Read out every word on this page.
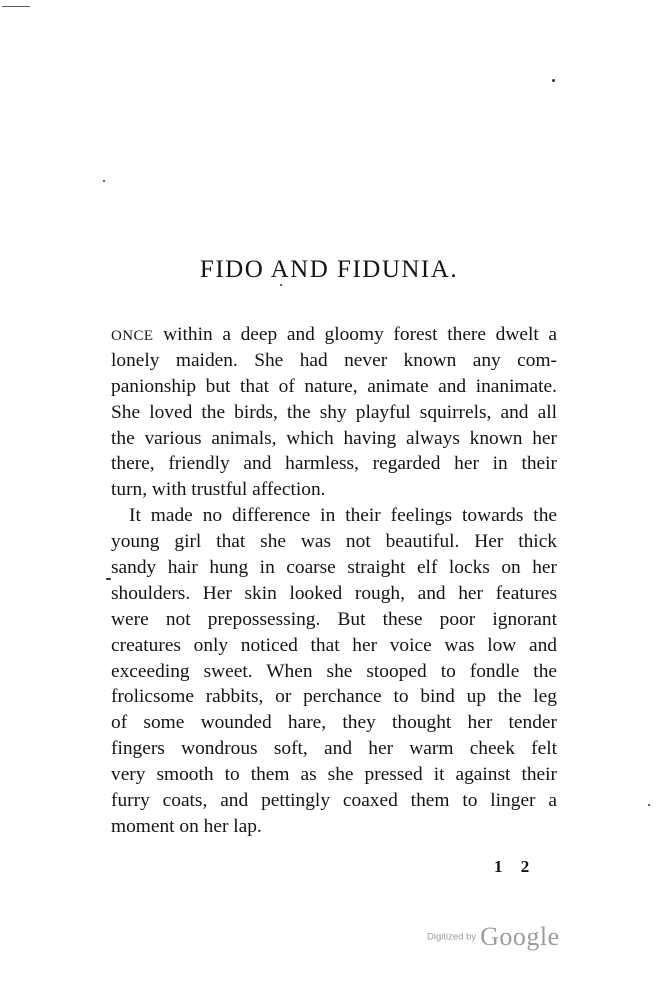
FIDO AND FIDUNIA.
ONCE within a deep and gloomy forest there dwelt a
lonely maiden. She had never known any com-
panionship but that of nature, animate and inanimate.
She loved the birds, the shy playful squirrels, and all
the various animals, which having always known her
there, friendly and harmless, regarded her in their
turn, with trustful affection.
It made no difference in their feelings towards the
young girl that she was not beautiful. Her thick
sandy hair hung in coarse straight elf locks on her
shoulders. Her skin looked rough, and her features
were not prepossessing. But these poor ignorant
creatures only noticed that her voice was low and
exceeding sweet. When she stooped to fondle the
frolicsome rabbits, or perchance to bind up the leg
of some wounded hare, they thought her tender
fingers wondrous soft, and her warm cheek felt
very smooth to them as she pressed it against their
furry coats, and pettingly coaxed them to linger a
moment on her lap.

1 2

Digitized by Google
